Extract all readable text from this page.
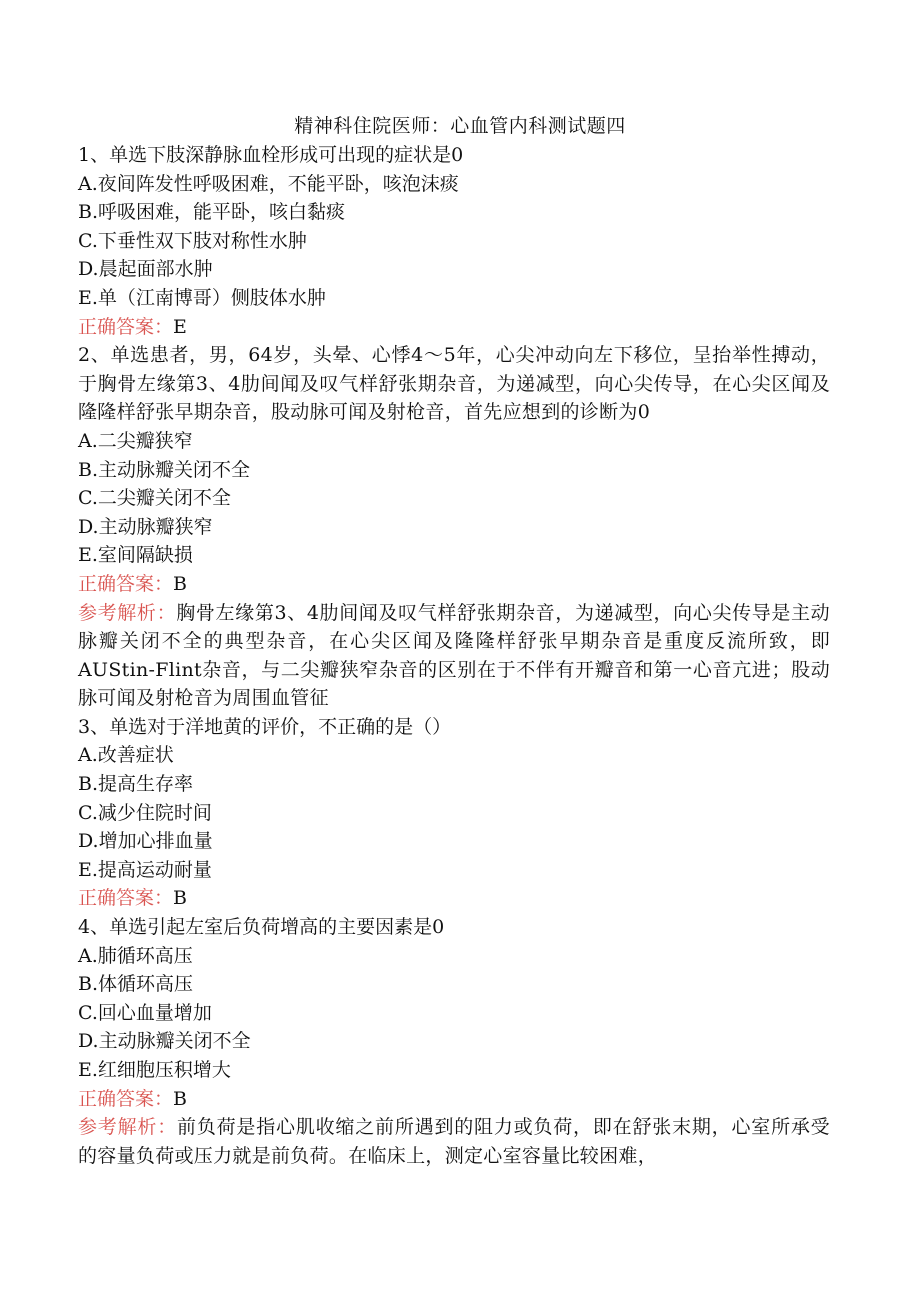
精神科住院医师：心血管内科测试题四

1、单选下肢深静脉血栓形成可出现的症状是0

A.夜间阵发性呼吸困难，不能平卧，咳泡沫痰

B.呼吸困难，能平卧，咳白黏痰

C.下垂性双下肢对称性水肿

D.晨起面部水肿

E.单（江南博哥）侧肢体水肿

正确答案：E

2、单选患者，男，64岁，头晕、心悸4～5年，心尖冲动向左下移位，呈抬举性搏动，于胸骨左缘第3、4肋间闻及叹气样舒张期杂音，为递减型，向心尖传导，在心尖区闻及隆隆样舒张早期杂音，股动脉可闻及射枪音，首先应想到的诊断为0

A.二尖瓣狭窄

B.主动脉瓣关闭不全

C.二尖瓣关闭不全

D.主动脉瓣狭窄

E.室间隔缺损

正确答案：B

参考解析：胸骨左缘第3、4肋间闻及叹气样舒张期杂音，为递减型，向心尖传导是主动脉瓣关闭不全的典型杂音，在心尖区闻及隆隆样舒张早期杂音是重度反流所致，即AUStin-Flint杂音，与二尖瓣狭窄杂音的区别在于不伴有开瓣音和第一心音亢进；股动脉可闻及射枪音为周围血管征

3、单选对于洋地黄的评价，不正确的是（）

A.改善症状

B.提高生存率

C.减少住院时间

D.增加心排血量

E.提高运动耐量

正确答案：B

4、单选引起左室后负荷增高的主要因素是0

A.肺循环高压

B.体循环高压

C.回心血量增加

D.主动脉瓣关闭不全

E.红细胞压积增大

正确答案：B

参考解析：前负荷是指心肌收缩之前所遇到的阻力或负荷，即在舒张末期，心室所承受的容量负荷或压力就是前负荷。在临床上，测定心室容量比较困难，
